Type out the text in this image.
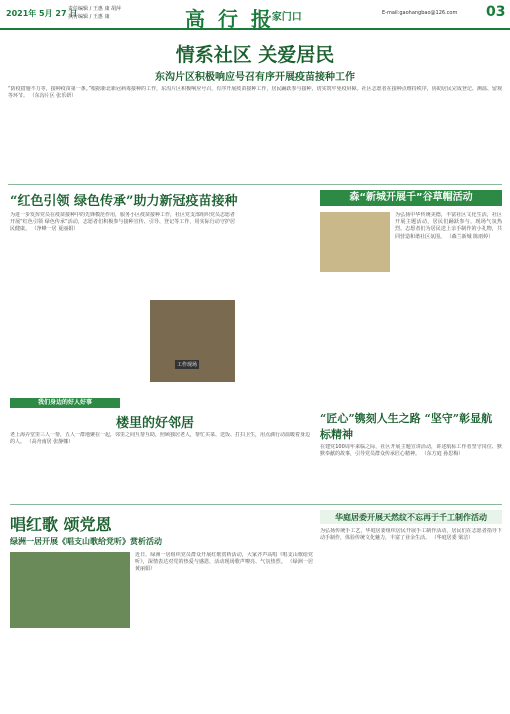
2021年 5月 27 日
责任编辑 / 王惠 康 胡萍
执行编辑 / 王惠 康	高 行 报
·家门口	E-mail:gaohangbao@126.com 03
情系社区 关爱居民
东沟片区积极响应号召有序开展疫苗接种工作
“防疫措施不力等，接种疫苗第一条。”根据新北新冠病毒接种的工作，东沟片区积极响应号召，有序开展疫苗接种工作，居民踊跃参与接种，切实筑牢免疫屏障。社区志愿者在接种点维持秩序，协助居民完成登记、测温、留观等环节。 （东沟片区 张乐妍）
“红色引领 绿色传承”助力新冠疫苗接种
为进一步发挥党员在疫苗接种中的先锋模范作用，服务小区疫苗接种工作，社区党支部组织党员志愿者开展“红色引领 绿色传承”活动，志愿者们积极参与接种宣传、引导、登记等工作，用实际行动守护居民健康。 （净峰一居 夏丽娟）
工作现场
森“新城开展千”谷草帽活动
为弘扬中华传统美德，丰富社区文化生活，社区开展主题活动，居民们踊跃参与，现场气氛热烈。志愿者们为居民送上亲手制作的小礼物，共同营造和谐社区氛围。 （森兰新城 陈雨婷）
我们身边的好人好事
楼里的好邻居
老上海弄堂里三人一帮，五人一群地聚在一起，邻里之间互帮互助，照顾独居老人，帮忙买菜、送饭、打扫卫生，用点滴行动温暖着身边的人。 （高舟南居 张静娜）
“匠心”镌刻人生之路 “坚守”彰显航标精神
在建党100周年来临之际，社区开展主题宣讲活动，讲述航标工作者坚守岗位、默默奉献的故事，引导党员群众传承匠心精神。 （东方庭 孙思梅）
华庭居委开展天然纹不忘再于千工制作活动
为弘扬传统手工艺，华庭居委组织居民开展手工制作活动，居民们在志愿者指导下动手制作，体验传统文化魅力，丰富了业余生活。 （华庭居委 梁洁）
唱红歌 颂党恩
绿洲一居开展《唱支山歌给党听》赏析活动
近日，绿洲一居组织党员群众开展红歌赏析活动，大家齐声高唱《唱支山歌给党听》，深情表达对党的热爱与感恩，活动现场歌声嘹亮、气氛热烈。 （绿洲一居 黄丽娟）
